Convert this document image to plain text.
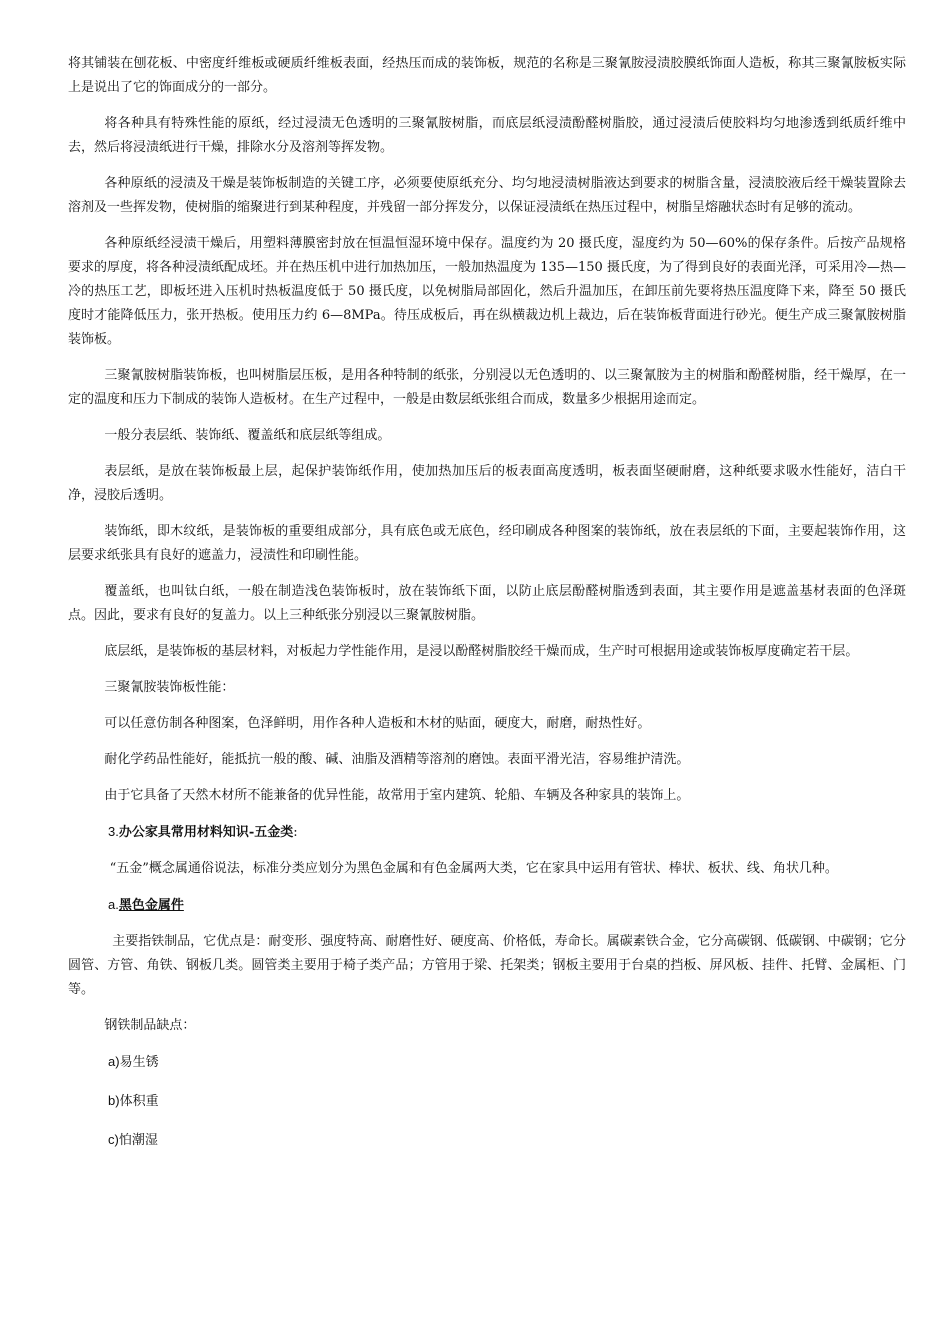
将其铺装在刨花板、中密度纤维板或硬质纤维板表面，经热压而成的装饰板，规范的名称是三聚氰胺浸渍胶膜纸饰面人造板，称其三聚氰胺板实际上是说出了它的饰面成分的一部分。

将各种具有特殊性能的原纸，经过浸渍无色透明的三聚氰胺树脂，而底层纸浸渍酚醛树脂胶，通过浸渍后使胶料均匀地渗透到纸质纤维中去，然后将浸渍纸进行干燥，排除水分及溶剂等挥发物。

各种原纸的浸渍及干燥是装饰板制造的关键工序，必须要使原纸充分、均匀地浸渍树脂液达到要求的树脂含量，浸渍胶液后经干燥装置除去溶剂及一些挥发物，使树脂的缩聚进行到某种程度，并残留一部分挥发分，以保证浸渍纸在热压过程中，树脂呈熔融状态时有足够的流动。

各种原纸经浸渍干燥后，用塑料薄膜密封放在恒温恒湿环境中保存。温度约为 20 摄氏度，湿度约为 50—60%的保存条件。后按产品规格要求的厚度，将各种浸渍纸配成坯。并在热压机中进行加热加压，一般加热温度为 135—150 摄氏度，为了得到良好的表面光泽，可采用冷—热—冷的热压工艺，即板坯进入压机时热板温度低于 50 摄氏度，以免树脂局部固化，然后升温加压，在卸压前先要将热压温度降下来，降至 50 摄氏度时才能降低压力，张开热板。使用压力约 6—8MPa。待压成板后，再在纵横裁边机上裁边，后在装饰板背面进行砂光。便生产成三聚氰胺树脂装饰板。

三聚氰胺树脂装饰板，也叫树脂层压板，是用各种特制的纸张，分别浸以无色透明的、以三聚氰胺为主的树脂和酚醛树脂，经干燥厚，在一定的温度和压力下制成的装饰人造板材。在生产过程中，一般是由数层纸张组合而成，数量多少根据用途而定。

一般分表层纸、装饰纸、覆盖纸和底层纸等组成。

表层纸，是放在装饰板最上层，起保护装饰纸作用，使加热加压后的板表面高度透明，板表面坚硬耐磨，这种纸要求吸水性能好，洁白干净，浸胶后透明。

装饰纸，即木纹纸，是装饰板的重要组成部分，具有底色或无底色，经印刷成各种图案的装饰纸，放在表层纸的下面，主要起装饰作用，这层要求纸张具有良好的遮盖力，浸渍性和印刷性能。

覆盖纸，也叫钛白纸，一般在制造浅色装饰板时，放在装饰纸下面，以防止底层酚醛树脂透到表面，其主要作用是遮盖基材表面的色泽斑点。因此，要求有良好的复盖力。以上三种纸张分别浸以三聚氰胺树脂。

底层纸，是装饰板的基层材料，对板起力学性能作用，是浸以酚醛树脂胶经干燥而成，生产时可根据用途或装饰板厚度确定若干层。

三聚氰胺装饰板性能：

可以任意仿制各种图案，色泽鲜明，用作各种人造板和木材的贴面，硬度大，耐磨，耐热性好。

耐化学药品性能好，能抵抗一般的酸、碱、油脂及酒精等溶剂的磨蚀。表面平滑光洁，容易维护清洗。

由于它具备了天然木材所不能兼备的优异性能，故常用于室内建筑、轮船、车辆及各种家具的装饰上。

3.办公家具常用材料知识-五金类:

“五金”概念属通俗说法，标准分类应划分为黑色金属和有色金属两大类，它在家具中运用有管状、棒状、板状、线、角状几种。

a.黑色金属件

主要指铁制品，它优点是：耐变形、强度特高、耐磨性好、硬度高、价格低，寿命长。属碳素铁合金，它分高碳钢、低碳钢、中碳钢；它分圆管、方管、角铁、钢板几类。圆管类主要用于椅子类产品；方管用于梁、托架类；钢板主要用于台桌的挡板、屏风板、挂件、托臂、金属柜、门等。

钢铁制品缺点：

a)易生锈
b)体积重
c)怕潮湿
